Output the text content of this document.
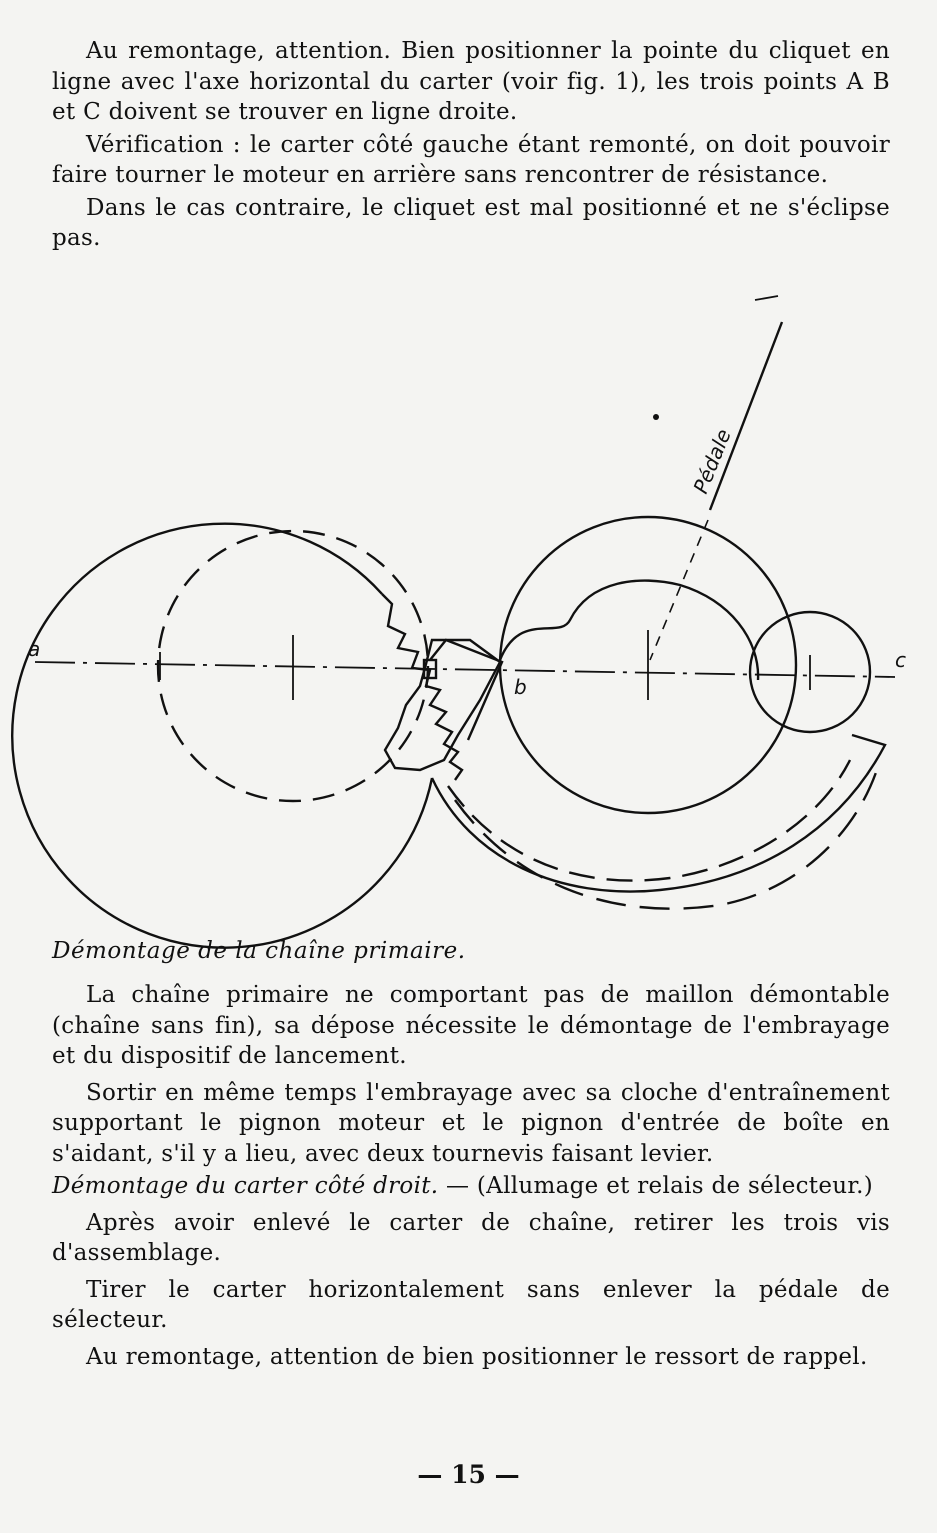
Au remontage, attention. Bien positionner la pointe du cliquet en ligne avec l'axe horizontal du carter (voir fig. 1), les trois points A B et C doivent se trouver en ligne droite.

Vérification : le carter côté gauche étant remonté, on doit pouvoir faire tourner le moteur en arrière sans rencontrer de résistance.

Dans le cas contraire, le cliquet est mal positionné et ne s'éclipse pas.

a
b
c
Pédale
Démontage de la chaîne primaire.

La chaîne primaire ne comportant pas de maillon démontable (chaîne sans fin), sa dépose nécessite le démontage de l'embrayage et du dispositif de lancement.

Sortir en même temps l'embrayage avec sa cloche d'entraînement supportant le pignon moteur et le pignon d'entrée de boîte en s'aidant, s'il y a lieu, avec deux tournevis faisant levier.

Démontage du carter côté droit. — (Allumage et relais de sélecteur.)

Après avoir enlevé le carter de chaîne, retirer les trois vis d'assemblage.

Tirer le carter horizontalement sans enlever la pédale de sélecteur.

Au remontage, attention de bien positionner le ressort de rappel.

— 15 —
